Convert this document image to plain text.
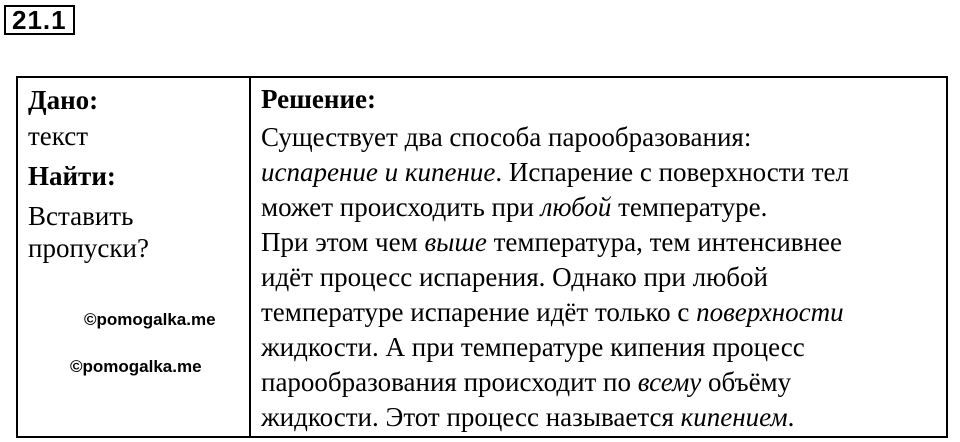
21.1
Дано:
текст
Найти:
Вставить
пропуски?
©pomogalka.me
©pomogalka.me
Решение:
Существует два способа парообразования:
испарение и кипение. Испарение с поверхности тел
может происходить при любой температуре.
При этом чем выше температура, тем интенсивнее
идёт процесс испарения. Однако при любой
температуре испарение идёт только с поверхности
жидкости. А при температуре кипения процесс
парообразования происходит по всему объёму
жидкости. Этот процесс называется кипением.
